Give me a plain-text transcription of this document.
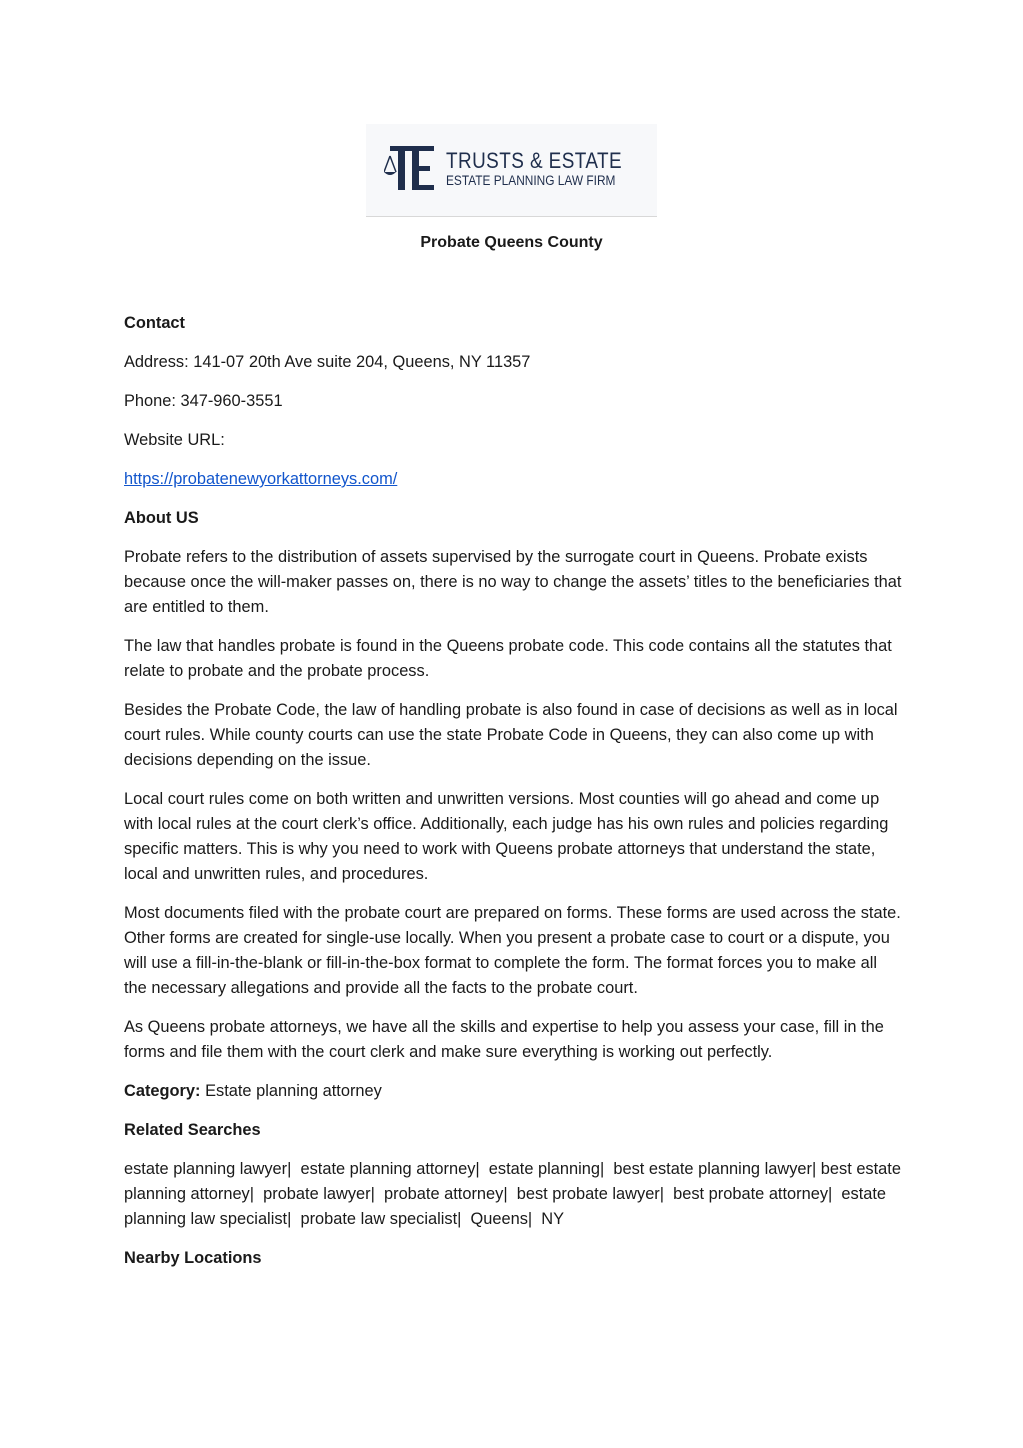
TRUSTS & ESTATE
ESTATE PLANNING LAW FIRM
Probate Queens County

Contact

Address: 141-07 20th Ave suite 204, Queens, NY 11357

Phone: 347-960-3551

Website URL:

https://probatenewyorkattorneys.com/

About US

Probate refers to the distribution of assets supervised by the surrogate court in Queens. Probate exists because once the will-maker passes on, there is no way to change the assets’ titles to the beneficiaries that are entitled to them.

The law that handles probate is found in the Queens probate code. This code contains all the statutes that relate to probate and the probate process.

Besides the Probate Code, the law of handling probate is also found in case of decisions as well as in local court rules. While county courts can use the state Probate Code in Queens, they can also come up with decisions depending on the issue.

Local court rules come on both written and unwritten versions. Most counties will go ahead and come up with local rules at the court clerk’s office. Additionally, each judge has his own rules and policies regarding specific matters. This is why you need to work with Queens probate attorneys that understand the state, local and unwritten rules, and procedures.

Most documents filed with the probate court are prepared on forms. These forms are used across the state. Other forms are created for single-use locally. When you present a probate case to court or a dispute, you will use a fill-in-the-blank or fill-in-the-box format to complete the form. The format forces you to make all the necessary allegations and provide all the facts to the probate court.

As Queens probate attorneys, we have all the skills and expertise to help you assess your case, fill in the forms and file them with the court clerk and make sure everything is working out perfectly.

Category: Estate planning attorney

Related Searches

estate planning lawyer|  estate planning attorney|  estate planning|  best estate planning lawyer| best estate planning attorney|  probate lawyer|  probate attorney|  best probate lawyer|  best probate attorney|  estate planning law specialist|  probate law specialist|  Queens|  NY

Nearby Locations
